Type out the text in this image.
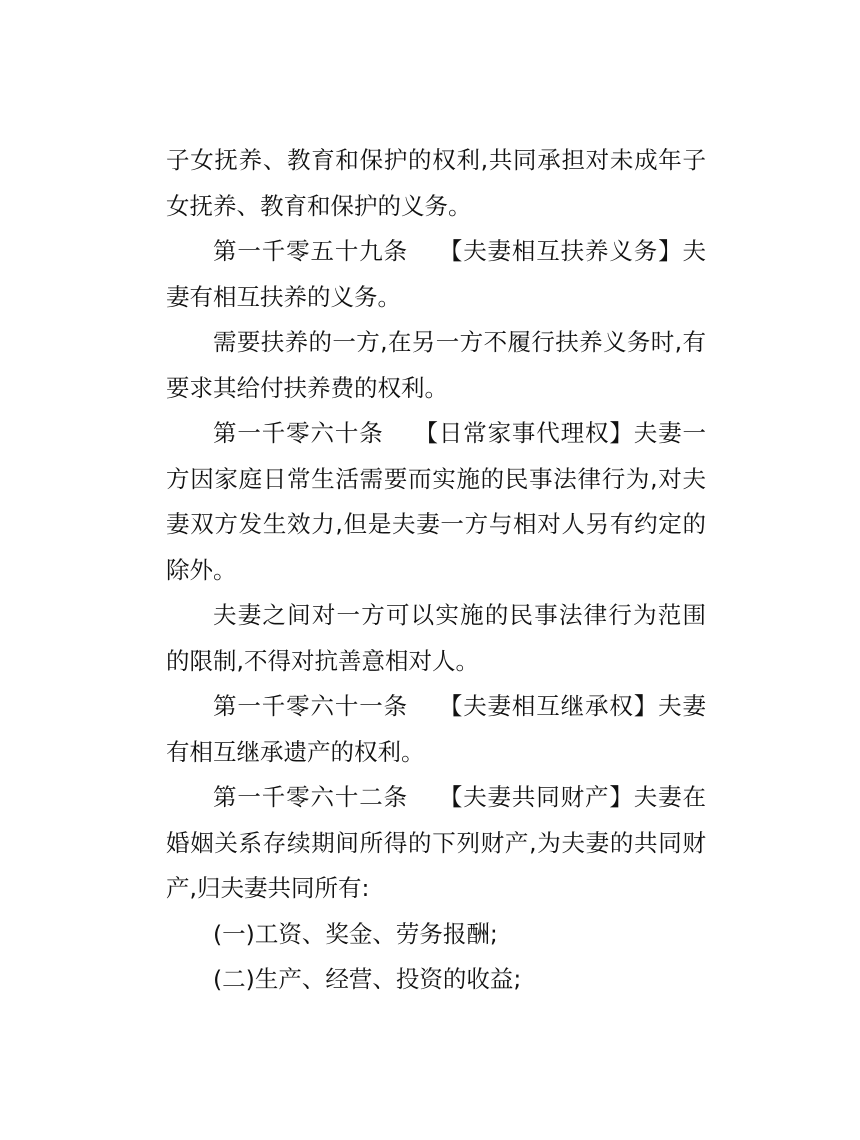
子女抚养、教育和保护的权利,共同承担对未成年子女抚养、教育和保护的义务。

第一千零五十九条 【夫妻相互扶养义务】夫妻有相互扶养的义务。

需要扶养的一方,在另一方不履行扶养义务时,有要求其给付扶养费的权利。

第一千零六十条 【日常家事代理权】夫妻一方因家庭日常生活需要而实施的民事法律行为,对夫妻双方发生效力,但是夫妻一方与相对人另有约定的除外。

夫妻之间对一方可以实施的民事法律行为范围的限制,不得对抗善意相对人。

第一千零六十一条 【夫妻相互继承权】夫妻有相互继承遗产的权利。

第一千零六十二条 【夫妻共同财产】夫妻在婚姻关系存续期间所得的下列财产,为夫妻的共同财产,归夫妻共同所有:

(一)工资、奖金、劳务报酬;

(二)生产、经营、投资的收益;
